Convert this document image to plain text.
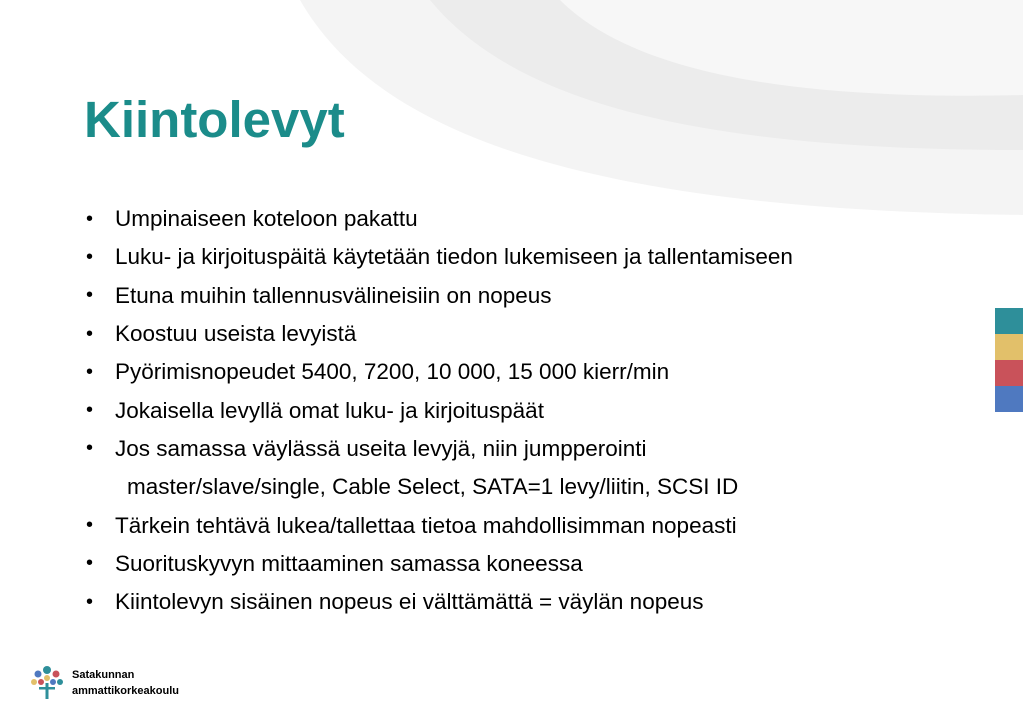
Kiintolevyt
• Umpinaiseen koteloon pakattu
• Luku- ja kirjoituspäitä käytetään tiedon lukemiseen ja tallentamiseen
• Etuna muihin tallennusvälineisiin on nopeus
• Koostuu useista levyistä
• Pyörimisnopeudet 5400, 7200, 10 000, 15 000 kierr/min
• Jokaisella levyllä omat luku- ja kirjoituspäät
• Jos samassa väylässä useita levyjä, niin jumpperointi
master/slave/single, Cable Select, SATA=1 levy/liitin, SCSI ID
• Tärkein tehtävä lukea/tallettaa tietoa mahdollisimman nopeasti
• Suorituskyvyn mittaaminen samassa koneessa
• Kiintolevyn sisäinen nopeus ei välttämättä = väylän nopeus
Satakunnan
ammattikorkeakoulu
